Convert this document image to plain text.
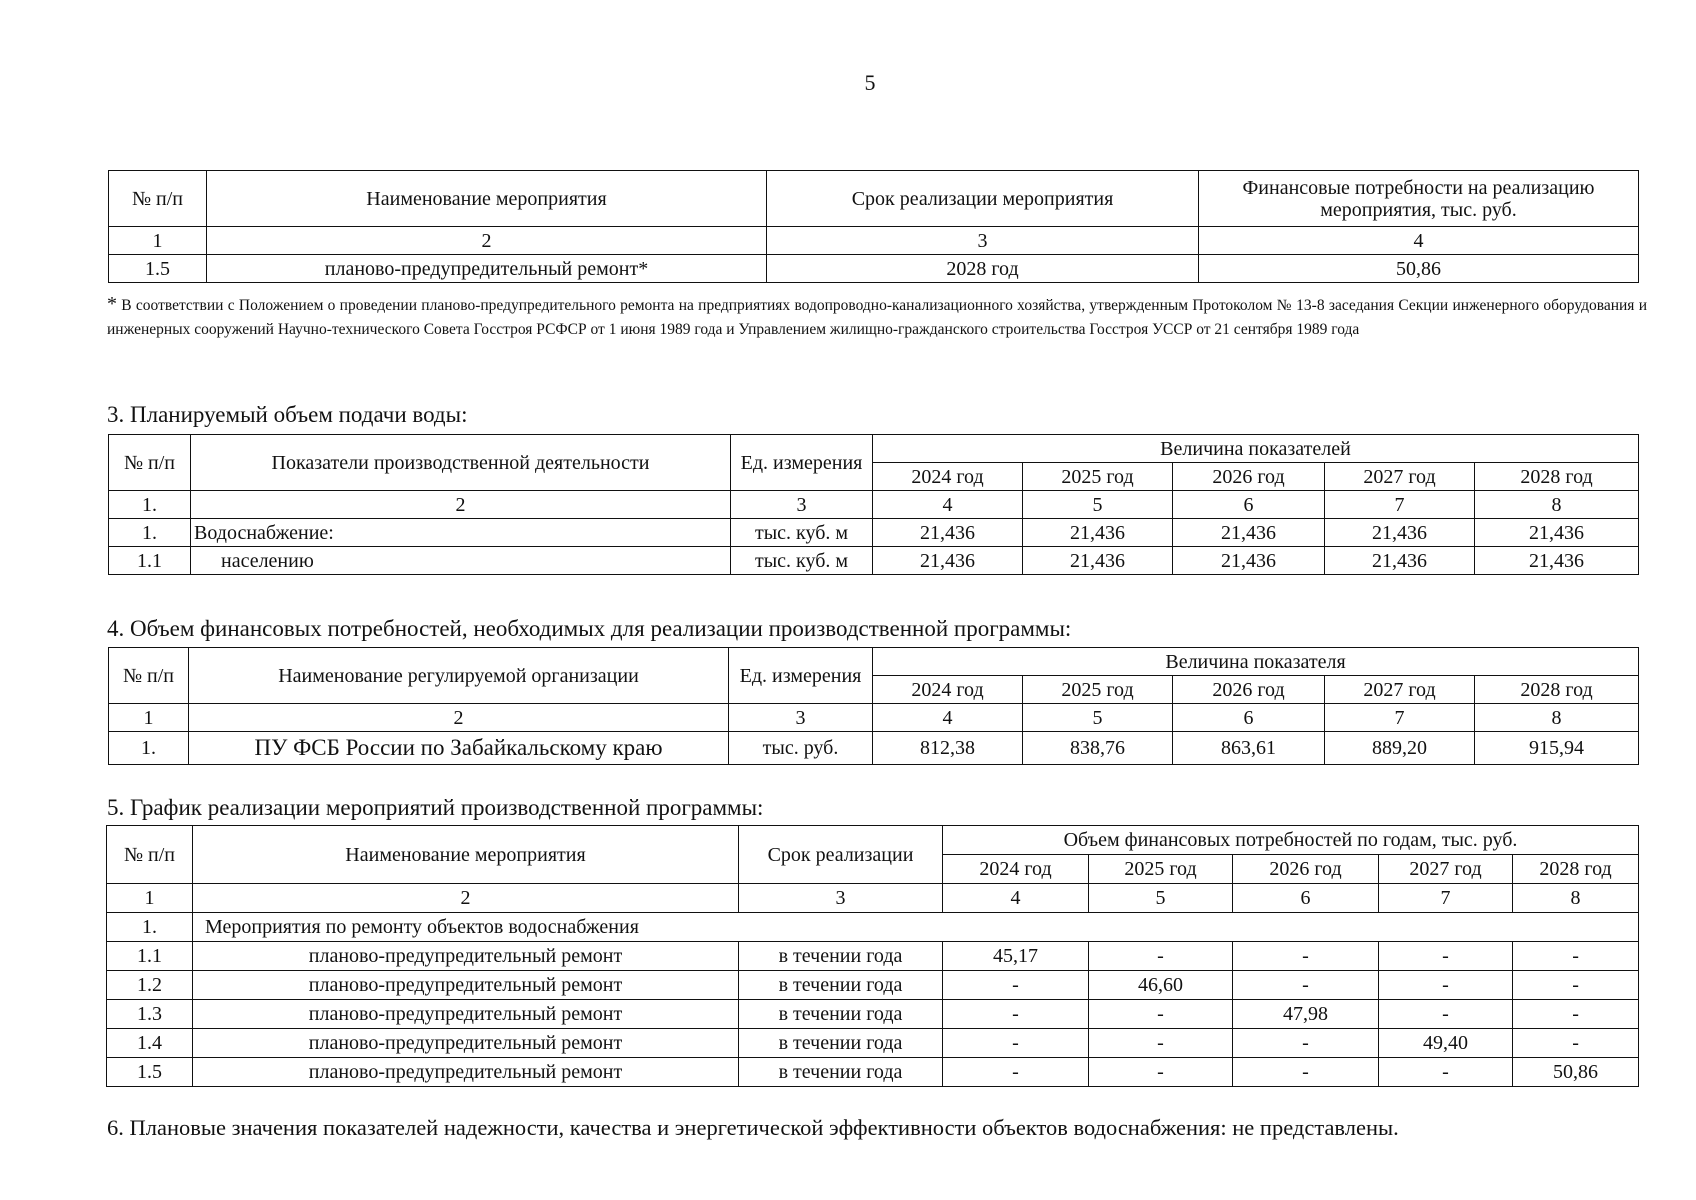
5
№ п/п	Наименование мероприятия	Срок реализации мероприятия	Финансовые потребности на реализацию мероприятия, тыс. руб.
1	2	3	4
1.5	планово-предупредительный ремонт*	2028 год	50,86
* В соответствии с Положением о проведении планово-предупредительного ремонта на предприятиях водопроводно-канализационного хозяйства, утвержденным Протоколом № 13-8 заседания Секции инженерного оборудования и инженерных сооружений Научно-технического Совета Госстроя РСФСР от 1 июня 1989 года и Управлением жилищно-гражданского строительства Госстроя УССР от 21 сентября 1989 года
3. Планируемый объем подачи воды:
№ п/п	Показатели производственной деятельности	Ед. измерения	Величина показателей				
			2024 год	2025 год	2026 год	2027 год	2028 год
1.	2	3	4	5	6	7	8
1.	Водоснабжение:	тыс. куб. м	21,436	21,436	21,436	21,436	21,436
1.1	населению	тыс. куб. м	21,436	21,436	21,436	21,436	21,436
4. Объем финансовых потребностей, необходимых для реализации производственной программы:
№ п/п	Наименование регулируемой организации	Ед. измерения	Величина показателя				
			2024 год	2025 год	2026 год	2027 год	2028 год
1	2	3	4	5	6	7	8
1.	ПУ ФСБ России по Забайкальскому краю	тыс. руб.	812,38	838,76	863,61	889,20	915,94
5. График реализации мероприятий производственной программы:
№ п/п	Наименование мероприятия	Срок реализации	Объем финансовых потребностей по годам, тыс. руб.				
			2024 год	2025 год	2026 год	2027 год	2028 год
1	2	3	4	5	6	7	8
1.	Мероприятия по ремонту объектов водоснабжения						
1.1	планово-предупредительный ремонт	в течении года	45,17	-	-	-	-
1.2	планово-предупредительный ремонт	в течении года	-	46,60	-	-	-
1.3	планово-предупредительный ремонт	в течении года	-	-	47,98	-	-
1.4	планово-предупредительный ремонт	в течении года	-	-	-	49,40	-
1.5	планово-предупредительный ремонт	в течении года	-	-	-	-	50,86
6. Плановые значения показателей надежности, качества и энергетической эффективности объектов водоснабжения: не представлены.
